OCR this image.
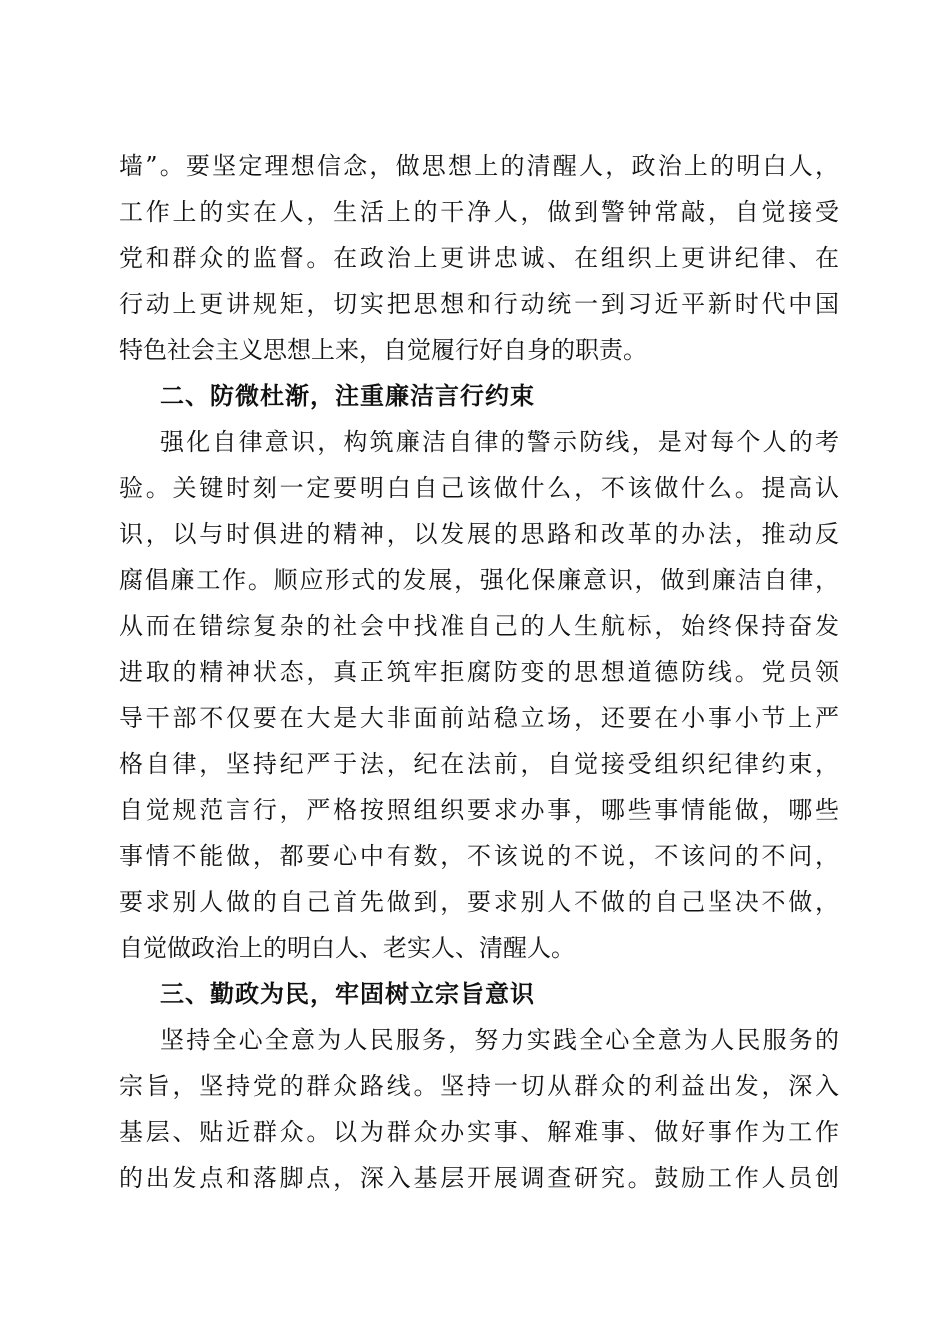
墙”。要坚定理想信念，做思想上的清醒人，政治上的明白人，
工作上的实在人，生活上的干净人，做到警钟常敲，自觉接受
党和群众的监督。在政治上更讲忠诚、在组织上更讲纪律、在
行动上更讲规矩，切实把思想和行动统一到习近平新时代中国
特色社会主义思想上来，自觉履行好自身的职责。
二、防微杜渐，注重廉洁言行约束
强化自律意识，构筑廉洁自律的警示防线，是对每个人的考
验。关键时刻一定要明白自己该做什么，不该做什么。提高认
识，以与时俱进的精神，以发展的思路和改革的办法，推动反
腐倡廉工作。顺应形式的发展，强化保廉意识，做到廉洁自律，
从而在错综复杂的社会中找准自己的人生航标，始终保持奋发
进取的精神状态，真正筑牢拒腐防变的思想道德防线。党员领
导干部不仅要在大是大非面前站稳立场，还要在小事小节上严
格自律，坚持纪严于法，纪在法前，自觉接受组织纪律约束，
自觉规范言行，严格按照组织要求办事，哪些事情能做，哪些
事情不能做，都要心中有数，不该说的不说，不该问的不问，
要求别人做的自己首先做到，要求别人不做的自己坚决不做，
自觉做政治上的明白人、老实人、清醒人。
三、勤政为民，牢固树立宗旨意识
坚持全心全意为人民服务，努力实践全心全意为人民服务的
宗旨，坚持党的群众路线。坚持一切从群众的利益出发，深入
基层、贴近群众。以为群众办实事、解难事、做好事作为工作
的出发点和落脚点，深入基层开展调查研究。鼓励工作人员创
